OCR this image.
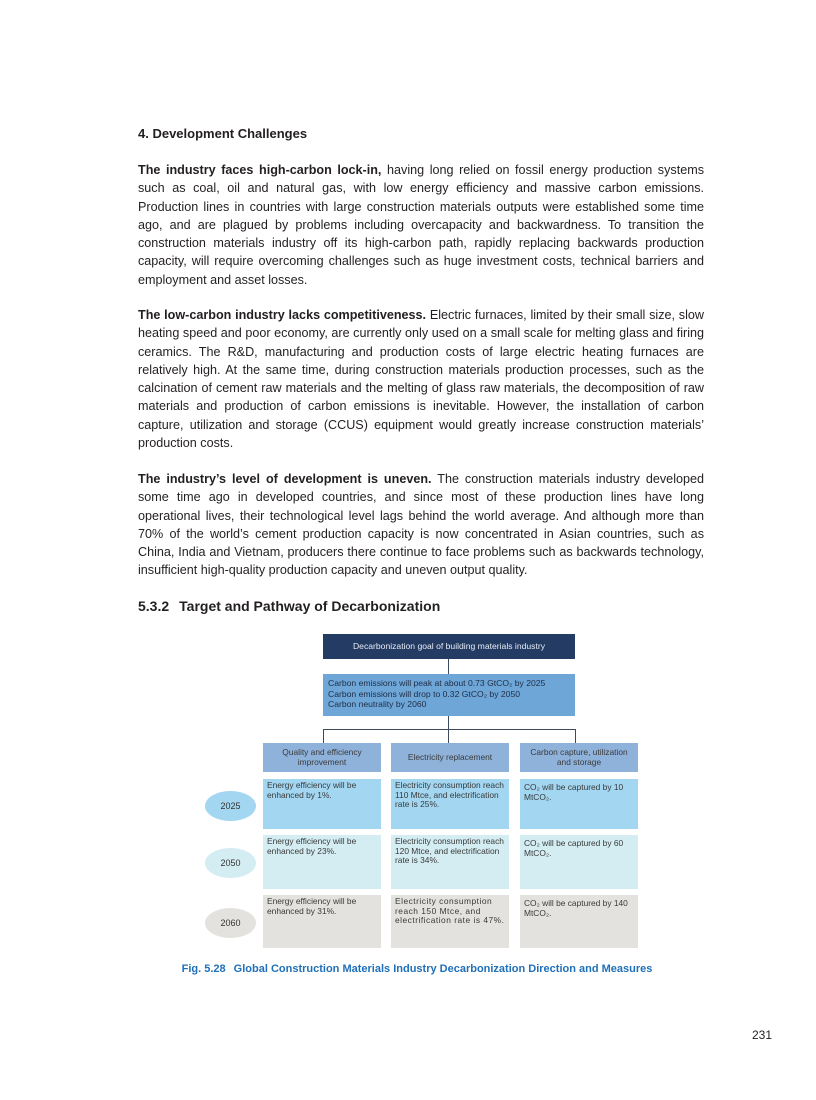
4. Development Challenges

The industry faces high-carbon lock-in, having long relied on fossil energy production systems such as coal, oil and natural gas, with low energy efficiency and massive carbon emissions. Production lines in countries with large construction materials outputs were established some time ago, and are plagued by problems including overcapacity and backwardness. To transition the construction materials industry off its high-carbon path, rapidly replacing backwards production capacity, will require overcoming challenges such as huge investment costs, technical barriers and employment and asset losses.

The low-carbon industry lacks competitiveness. Electric furnaces, limited by their small size, slow heating speed and poor economy, are currently only used on a small scale for melting glass and firing ceramics. The R&D, manufacturing and production costs of large electric heating furnaces are relatively high. At the same time, during construction materials production processes, such as the calcination of cement raw materials and the melting of glass raw materials, the decomposition of raw materials and production of carbon emissions is inevitable. However, the installation of carbon capture, utilization and storage (CCUS) equipment would greatly increase construction materials’ production costs.

The industry’s level of development is uneven. The construction materials industry developed some time ago in developed countries, and since most of these production lines have long operational lives, their technological level lags behind the world average. And although more than 70% of the world’s cement production capacity is now concentrated in Asian countries, such as China, India and Vietnam, producers there continue to face problems such as backwards technology, insufficient high-quality production capacity and uneven output quality.

5.3.2 Target and Pathway of Decarbonization
Decarbonization goal of building materials industry
Carbon emissions will peak at about 0.73 GtCO₂ by 2025
Carbon emissions will drop to 0.32 GtCO₂ by 2050
Carbon neutrality by 2060
Quality and efficiency improvement	Electricity replacement	Carbon capture, utilization and storage
2025
Energy efficiency will be enhanced by 1%.
Electricity consumption reach 110 Mtce, and electrification rate is 25%.
CO₂ will be captured by 10 MtCO₂.
2050
Energy efficiency will be enhanced by 23%.
Electricity consumption reach 120 Mtce, and electrification rate is 34%.
CO₂ will be captured by 60 MtCO₂.
2060
Energy efficiency will be enhanced by 31%.
Electricity consumption reach 150 Mtce, and electrification rate is 47%.
CO₂ will be captured by 140 MtCO₂.
Fig. 5.28 Global Construction Materials Industry Decarbonization Direction and Measures
231
